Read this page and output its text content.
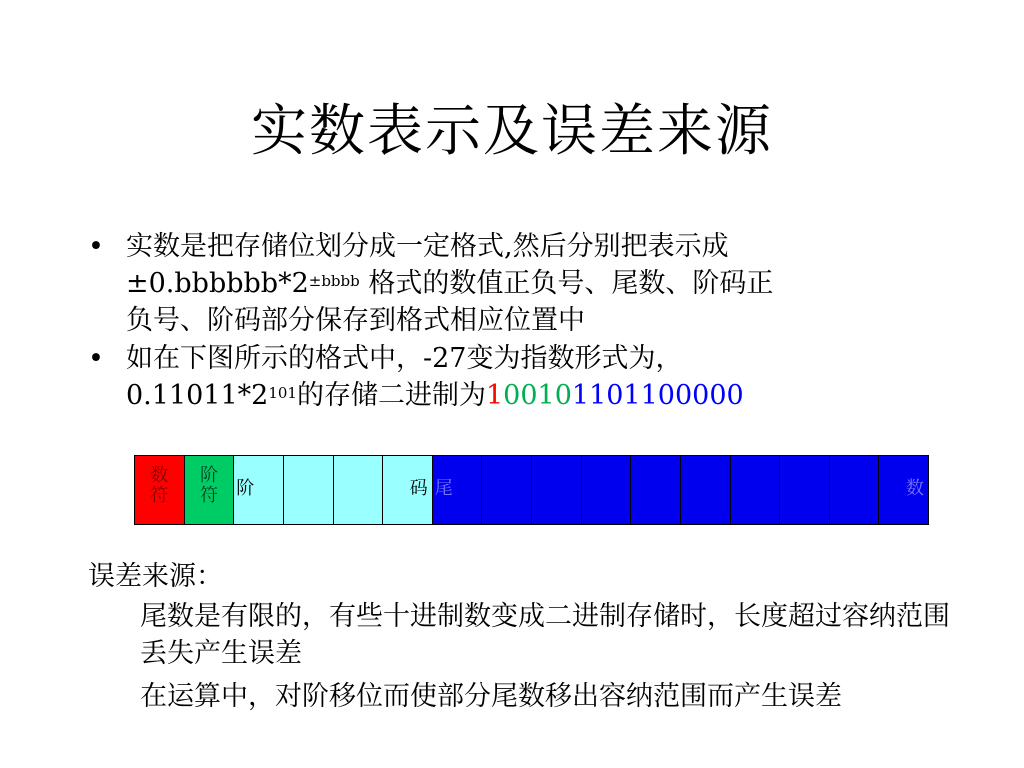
实数表示及误差来源
• 实数是把存储位划分成一定格式,然后分别把表示成
$\pm 0.bbbbbb*2^{\pm bbbb}$ 格式的数值正负号、尾数、阶码正
负号、阶码部分保存到格式相应位置中
• 如在下图所示的格式中，-27变为指数形式为，
$0.11011*2^{101}$的存储二进制为100101101100000
数
符
阶
符	阶	码 尾	数
误差来源：
尾数是有限的，有些十进制数变成二进制存储时，长度超过容纳范围丢失产生误差
在运算中，对阶移位而使部分尾数移出容纳范围而产生误差
